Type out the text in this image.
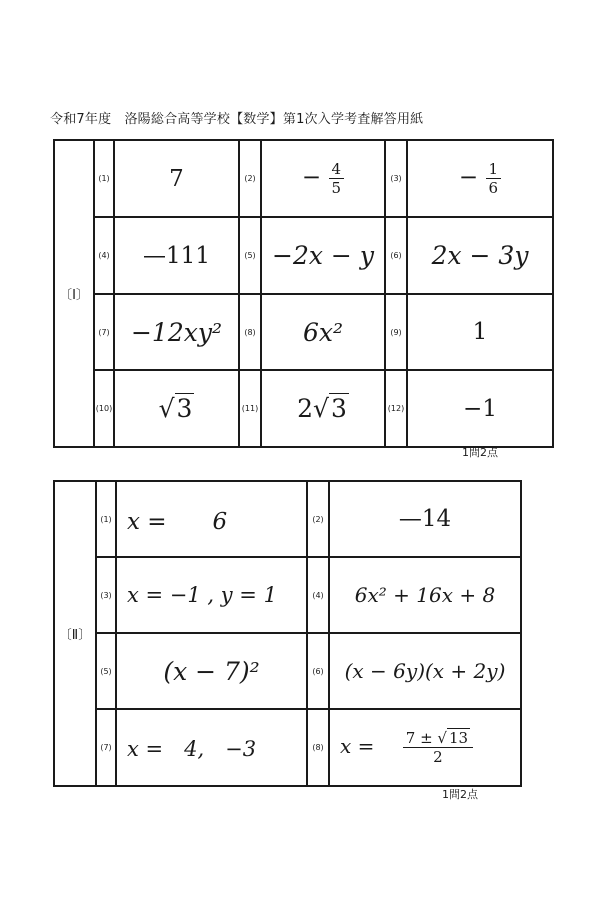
令和7年度　洛陽総合高等学校【数学】第1次入学考査解答用紙
〔Ⅰ〕	(1)	7	(2)	− $\frac{4}{5}$	(3)	− $\frac{1}{6}$

	(4)	—111	(5)	−2x − y	(6)	2x − 3y
	(7)	−12xy²	(8)	6x²	(9)	1
	(10)	√3	(11)	2√3	(12)	−1
1問2点
〔Ⅱ〕	(1)	x =　　6	(2)	—14
	(3)	x = −1 , y = 1	(4)	6x² + 16x + 8
	(5)	(x − 7)²	(6)	(x − 6y)(x + 2y)
	(7)	x =　4,　−3	(8)	$x = \frac{7 \pm √ 13}{2}$
1問2点
